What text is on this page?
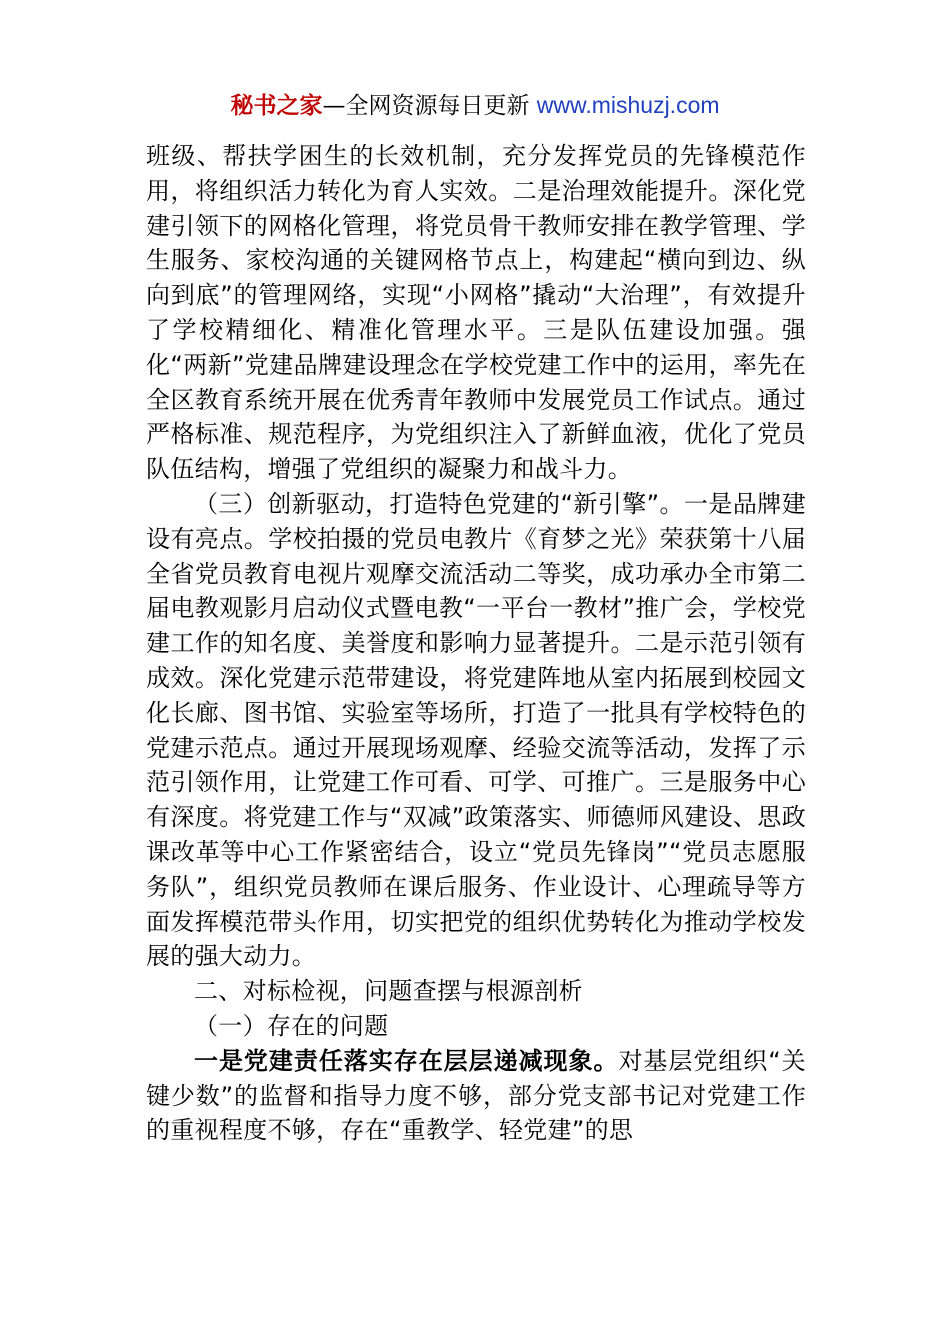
秘书之家—全网资源每日更新 www.mishuzj.com

班级、帮扶学困生的长效机制，充分发挥党员的先锋模范作用，将组织活力转化为育人实效。二是治理效能提升。深化党建引领下的网格化管理，将党员骨干教师安排在教学管理、学生服务、家校沟通的关键网格节点上，构建起“横向到边、纵向到底”的管理网络，实现“小网格”撬动“大治理”，有效提升了学校精细化、精准化管理水平。三是队伍建设加强。强化“两新”党建品牌建设理念在学校党建工作中的运用，率先在全区教育系统开展在优秀青年教师中发展党员工作试点。通过严格标准、规范程序，为党组织注入了新鲜血液，优化了党员队伍结构，增强了党组织的凝聚力和战斗力。

（三）创新驱动，打造特色党建的“新引擎”。一是品牌建设有亮点。学校拍摄的党员电教片《育梦之光》荣获第十八届全省党员教育电视片观摩交流活动二等奖，成功承办全市第二届电教观影月启动仪式暨电教“一平台一教材”推广会，学校党建工作的知名度、美誉度和影响力显著提升。二是示范引领有成效。深化党建示范带建设，将党建阵地从室内拓展到校园文化长廊、图书馆、实验室等场所，打造了一批具有学校特色的党建示范点。通过开展现场观摩、经验交流等活动，发挥了示范引领作用，让党建工作可看、可学、可推广。三是服务中心有深度。将党建工作与“双减”政策落实、师德师风建设、思政课改革等中心工作紧密结合，设立“党员先锋岗”“党员志愿服务队”，组织党员教师在课后服务、作业设计、心理疏导等方面发挥模范带头作用，切实把党的组织优势转化为推动学校发展的强大动力。

二、对标检视，问题查摆与根源剖析

（一）存在的问题

一是党建责任落实存在层层递减现象。对基层党组织“关键少数”的监督和指导力度不够，部分党支部书记对党建工作的重视程度不够，存在“重教学、轻党建”的思
